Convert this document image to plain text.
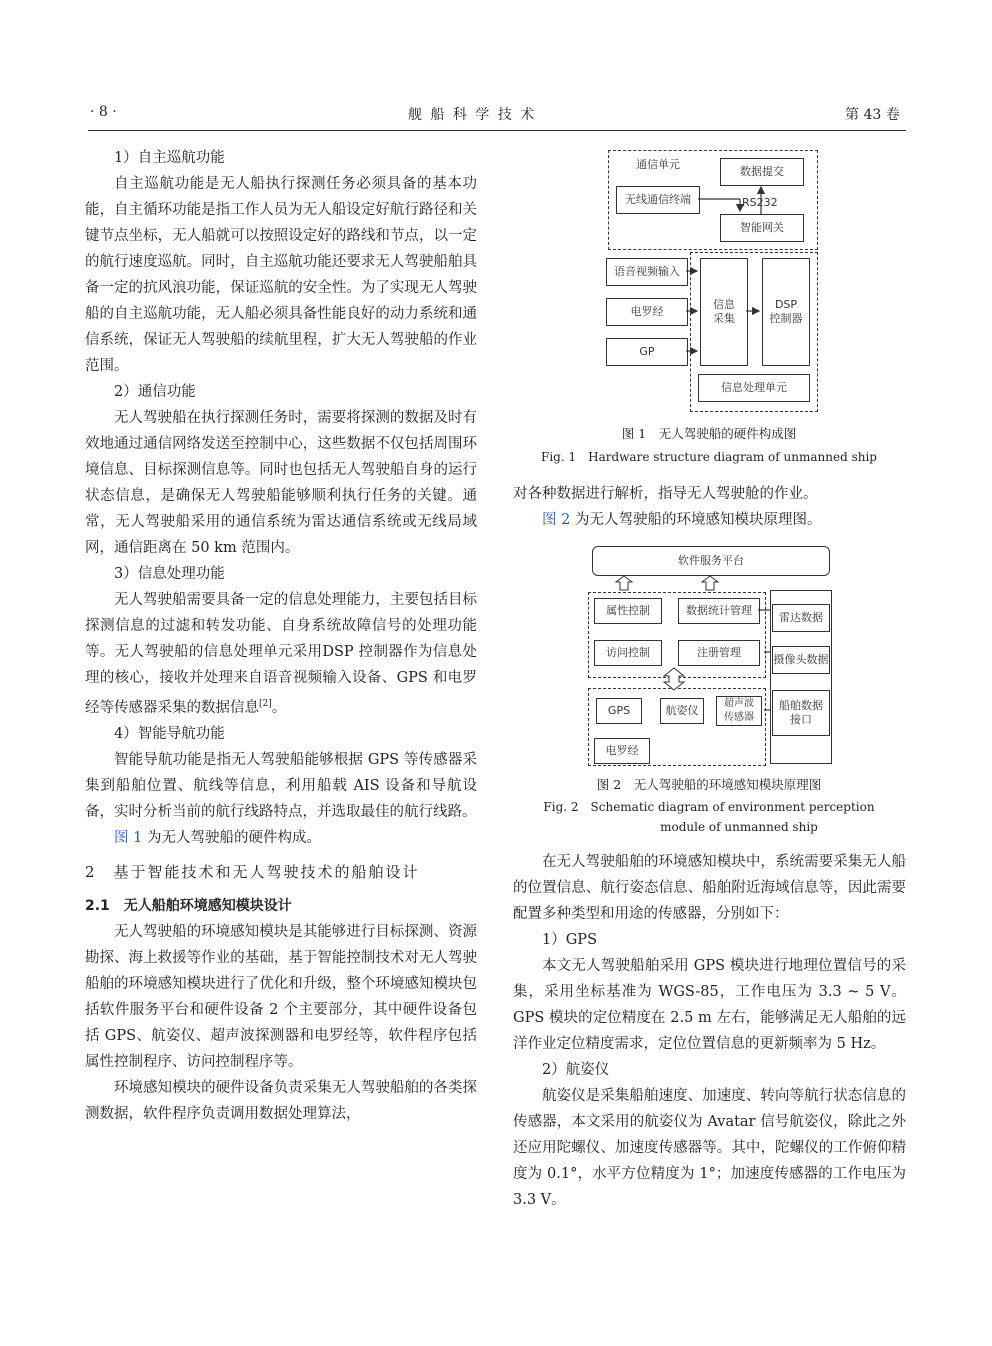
· 8 ·	舰 船 科 学 技 术	第 43 卷

1）自主巡航功能

自主巡航功能是无人船执行探测任务必须具备的基本功能，自主循环功能是指工作人员为无人船设定好航行路径和关键节点坐标，无人船就可以按照设定好的路线和节点，以一定的航行速度巡航。同时，自主巡航功能还要求无人驾驶船舶具备一定的抗风浪功能，保证巡航的安全性。为了实现无人驾驶船的自主巡航功能，无人船必须具备性能良好的动力系统和通信系统，保证无人驾驶船的续航里程，扩大无人驾驶船的作业范围。

2）通信功能

无人驾驶船在执行探测任务时，需要将探测的数据及时有效地通过通信网络发送至控制中心，这些数据不仅包括周围环境信息、目标探测信息等。同时也包括无人驾驶船自身的运行状态信息，是确保无人驾驶船能够顺利执行任务的关键。通常，无人驾驶船采用的通信系统为雷达通信系统或无线局域网，通信距离在 50 km 范围内。

3）信息处理功能

无人驾驶船需要具备一定的信息处理能力，主要包括目标探测信息的过滤和转发功能、自身系统故障信号的处理功能等。无人驾驶船的信息处理单元采用DSP 控制器作为信息处理的核心，接收并处理来自语音视频输入设备、GPS 和电罗经等传感器采集的数据信息[2]。

4）智能导航功能

智能导航功能是指无人驾驶船能够根据 GPS 等传感器采集到船舶位置、航线等信息，利用船载 AIS 设备和导航设备，实时分析当前的航行线路特点，并选取最佳的航行线路。

图 1 为无人驾驶船的硬件构成。

2　基于智能技术和无人驾驶技术的船舶设计

2.1　无人船舶环境感知模块设计

无人驾驶船的环境感知模块是其能够进行目标探测、资源勘探、海上救援等作业的基础，基于智能控制技术对无人驾驶船舶的环境感知模块进行了优化和升级，整个环境感知模块包括软件服务平台和硬件设备 2 个主要部分，其中硬件设备包括 GPS、航姿仪、超声波探测器和电罗经等，软件程序包括属性控制程序、访问控制程序等。

环境感知模块的硬件设备负责采集无人驾驶船舶的各类探测数据，软件程序负责调用数据处理算法，

通信单元
数据提交
无线通信终端	RS232
智能网关
语音视频输入
电罗经
GP
信息
采集
DSP
控制器
信息处理单元
图 1　无人驾驶船的硬件构成图
Fig. 1　Hardware structure diagram of unmanned ship

对各种数据进行解析，指导无人驾驶舱的作业。

图 2 为无人驾驶船的环境感知模块原理图。

软件服务平台
属性控制	数据统计管理
访问控制	注册管理
雷达数据
摄像头数据
船舶数据
接口
GPS	航姿仪
超声波
传感器
电罗经
图 2　无人驾驶船的环境感知模块原理图
Fig. 2　Schematic diagram of environment perception
module of unmanned ship

在无人驾驶船舶的环境感知模块中，系统需要采集无人船的位置信息、航行姿态信息、船舶附近海域信息等，因此需要配置多种类型和用途的传感器，分别如下：

1）GPS

本文无人驾驶船舶采用 GPS 模块进行地理位置信号的采集，采用坐标基准为 WGS-85，工作电压为 3.3 ~ 5 V。GPS 模块的定位精度在 2.5 m 左右，能够满足无人船舶的远洋作业定位精度需求，定位位置信息的更新频率为 5 Hz。

2）航姿仪

航姿仪是采集船舶速度、加速度、转向等航行状态信息的传感器，本文采用的航姿仪为 Avatar 信号航姿仪，除此之外还应用陀螺仪、加速度传感器等。其中，陀螺仪的工作俯仰精度为 0.1°，水平方位精度为 1°；加速度传感器的工作电压为 3.3 V。
